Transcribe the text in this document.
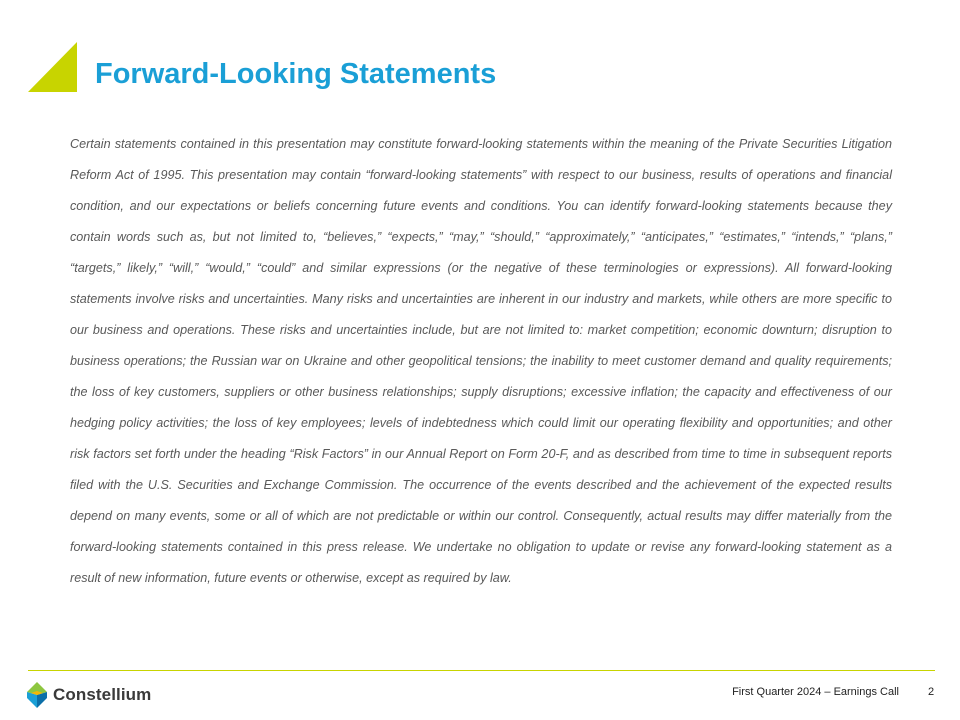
Forward-Looking Statements

Certain statements contained in this presentation may constitute forward-looking statements within the meaning of the Private Securities Litigation Reform Act of 1995. This presentation may contain “forward-looking statements” with respect to our business, results of operations and financial condition, and our expectations or beliefs concerning future events and conditions. You can identify forward-looking statements because they contain words such as, but not limited to, “believes,” “expects,” “may,” “should,” “approximately,” “anticipates,” “estimates,” “intends,” “plans,” “targets,” likely,” “will,” “would,” “could” and similar expressions (or the negative of these terminologies or expressions). All forward-looking statements involve risks and uncertainties. Many risks and uncertainties are inherent in our industry and markets, while others are more specific to our business and operations. These risks and uncertainties include, but are not limited to: market competition; economic downturn; disruption to business operations; the Russian war on Ukraine and other geopolitical tensions; the inability to meet customer demand and quality requirements; the loss of key customers, suppliers or other business relationships; supply disruptions; excessive inflation; the capacity and effectiveness of our hedging policy activities; the loss of key employees; levels of indebtedness which could limit our operating flexibility and opportunities; and other risk factors set forth under the heading “Risk Factors” in our Annual Report on Form 20-F, and as described from time to time in subsequent reports filed with the U.S. Securities and Exchange Commission. The occurrence of the events described and the achievement of the expected results depend on many events, some or all of which are not predictable or within our control. Consequently, actual results may differ materially from the forward-looking statements contained in this press release. We undertake no obligation to update or revise any forward-looking statement as a result of new information, future events or otherwise, except as required by law.

Constellium	First Quarter 2024 – Earnings Call	2
